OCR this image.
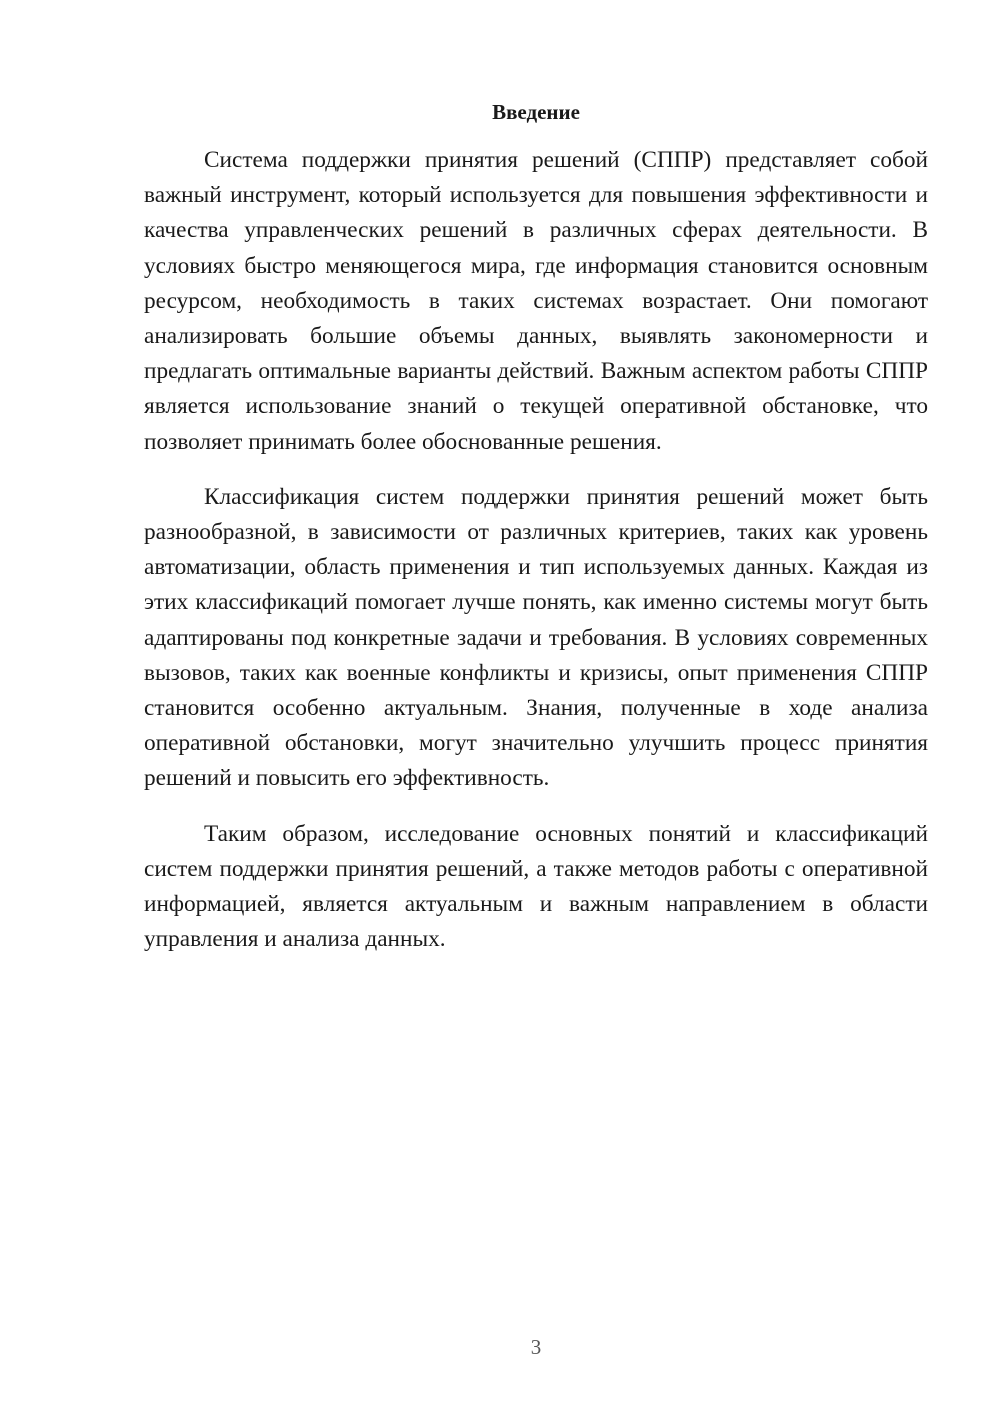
Введение

Система поддержки принятия решений (СППР) представляет собой важный инструмент, который используется для повышения эффективности и качества управленческих решений в различных сферах деятельности. В условиях быстро меняющегося мира, где информация становится основным ресурсом, необходимость в таких системах возрастает. Они помогают анализировать большие объемы данных, выявлять закономерности и предлагать оптимальные варианты действий. Важным аспектом работы СППР является использование знаний о текущей оперативной обстановке, что позволяет принимать более обоснованные решения.

Классификация систем поддержки принятия решений может быть разнообразной, в зависимости от различных критериев, таких как уровень автоматизации, область применения и тип используемых данных. Каждая из этих классификаций помогает лучше понять, как именно системы могут быть адаптированы под конкретные задачи и требования. В условиях современных вызовов, таких как военные конфликты и кризисы, опыт применения СППР становится особенно актуальным. Знания, полученные в ходе анализа оперативной обстановки, могут значительно улучшить процесс принятия решений и повысить его эффективность.

Таким образом, исследование основных понятий и классификаций систем поддержки принятия решений, а также методов работы с оперативной информацией, является актуальным и важным направлением в области управления и анализа данных.

3
